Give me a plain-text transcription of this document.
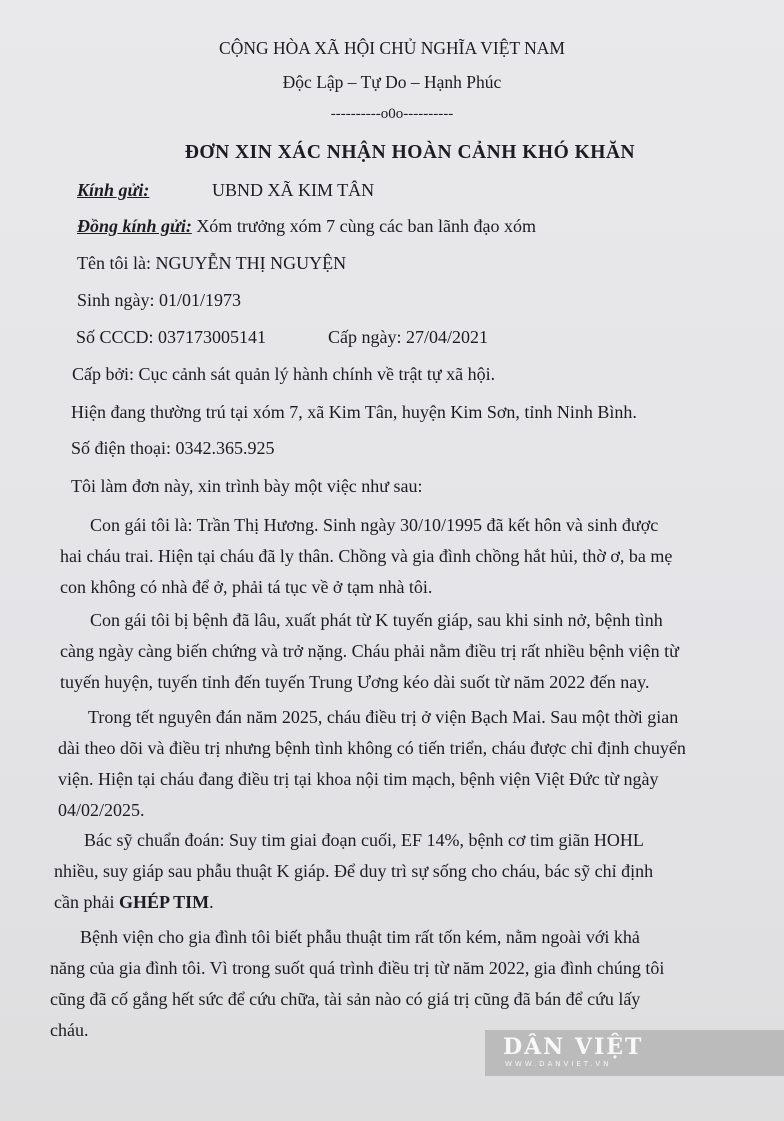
CỘNG HÒA XÃ HỘI CHỦ NGHĨA VIỆT NAM
Độc Lập – Tự Do – Hạnh Phúc
----------o0o----------
ĐƠN XIN XÁC NHẬN HOÀN CẢNH KHÓ KHĂN
Kính gửi:	UBND XÃ KIM TÂN
Đồng kính gửi: Xóm trưởng xóm 7 cùng các ban lãnh đạo xóm
Tên tôi là: NGUYỄN THỊ NGUYỆN
Sinh ngày: 01/01/1973
Số CCCD: 037173005141	Cấp ngày: 27/04/2021
Cấp bởi: Cục cảnh sát quản lý hành chính về trật tự xã hội.
Hiện đang thường trú tại xóm 7, xã Kim Tân, huyện Kim Sơn, tỉnh Ninh Bình.
Số điện thoại: 0342.365.925
Tôi làm đơn này, xin trình bày một việc như sau:
Con gái tôi là: Trần Thị Hương. Sinh ngày 30/10/1995 đã kết hôn và sinh được
hai cháu trai. Hiện tại cháu đã ly thân. Chồng và gia đình chồng hắt hủi, thờ ơ, ba mẹ
con không có nhà để ở, phải tá tục về ở tạm nhà tôi.
Con gái tôi bị bệnh đã lâu, xuất phát từ K tuyến giáp, sau khi sinh nở, bệnh tình
càng ngày càng biến chứng và trở nặng. Cháu phải nằm điều trị rất nhiều bệnh viện từ
tuyến huyện, tuyến tỉnh đến tuyến Trung Ương kéo dài suốt từ năm 2022 đến nay.
Trong tết nguyên đán năm 2025, cháu điều trị ở viện Bạch Mai. Sau một thời gian
dài theo dõi và điều trị nhưng bệnh tình không có tiến triển, cháu được chỉ định chuyển
viện. Hiện tại cháu đang điều trị tại khoa nội tim mạch, bệnh viện Việt Đức từ ngày
04/02/2025.
Bác sỹ chuẩn đoán: Suy tim giai đoạn cuối, EF 14%, bệnh cơ tim giãn HOHL
nhiều, suy giáp sau phẫu thuật K giáp. Để duy trì sự sống cho cháu, bác sỹ chỉ định
cần phải GHÉP TIM.
Bệnh viện cho gia đình tôi biết phẫu thuật tim rất tốn kém, nằm ngoài với khả
năng của gia đình tôi. Vì trong suốt quá trình điều trị từ năm 2022, gia đình chúng tôi
cũng đã cố gắng hết sức để cứu chữa, tài sản nào có giá trị cũng đã bán để cứu lấy
cháu.
DÂN VIỆT
WWW.DANVIET.VN
